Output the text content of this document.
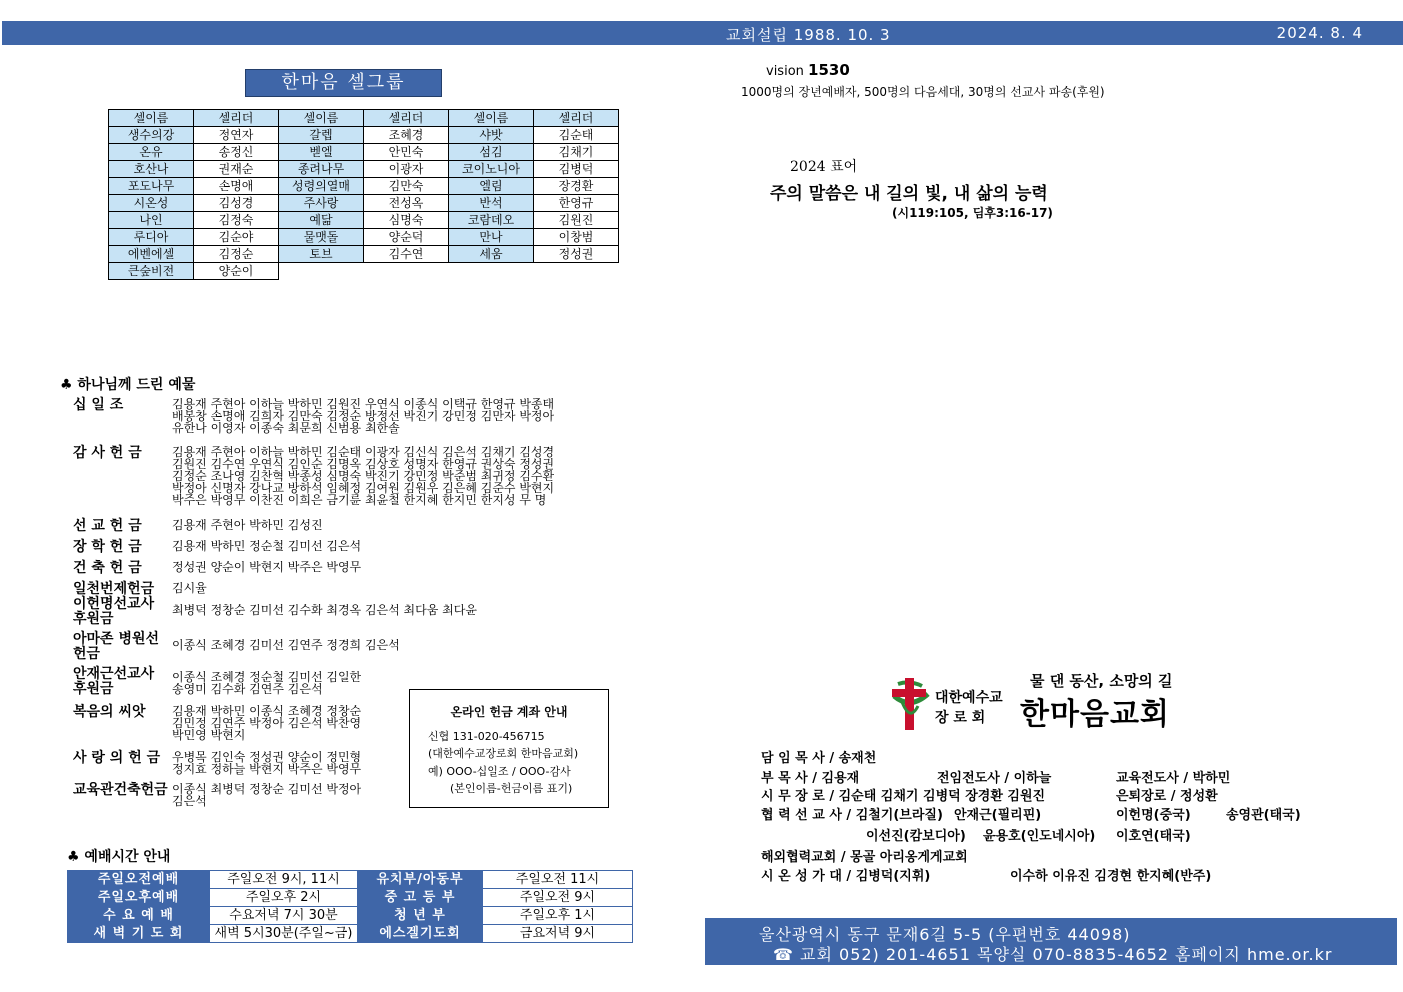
교회설립 1988. 10. 3	2024. 8. 4
한마음 셀그룹
셀이름	셀리더	셀이름	셀리더	셀이름	셀리더
생수의강	정연자	갈렙	조혜경	샤밧	김순태
온유	송정신	벧엘	안민숙	섬김	김채기
호산나	권재순	종려나무	이광자	코이노니아	김병덕
포도나무	손명애	성령의열매	김만숙	엘림	장경환
시온성	김성경	주사랑	전성옥	반석	한영규
나인	김정숙	예닮	심명숙	코람데오	김원진
루디아	김순야	물맷돌	양순덕	만나	이창범
에벤에셀	김정순	토브	김수연	세움	정성권
큰숲비전	양순이				
♣ 하나님께 드린 예물
십 일 조	김용재 주현아 이하늘 박하민 김원진 우연식 이종식 이택규 한영규 박종태
배봉창 손명애 김희자 김만숙 김정순 방정선 박진기 강민정 김만자 박정아
유한나 이영자 이종숙 최문희 신범용 최한솔
감 사 헌 금	김용재 주현아 이하늘 박하민 김순태 이광자 김신식 김은석 김채기 김성경
김원진 김수연 우연식 김인순 김명옥 김상호 성명자 한영규 권상숙 정성권
김정순 조나영 김찬혁 박종성 심명숙 박진기 강민정 박준범 최귀정 김수환
박정아 신명자 강나교 방하석 임혜정 김여원 김원우 김은혜 김준수 박현지
박주은 박영무 이찬진 이희은 금기륜 최윤철 한지혜 한지민 한지성 무 명
선 교 헌 금	김용재 주현아 박하민 김성진
장 학 헌 금	김용재 박하민 정순철 김미선 김은석
건 축 헌 금	정성권 양순이 박현지 박주은 박영무
일천번제헌금	김시율
이헌명선교사 후원금
최병덕 정창순 김미선 김수화 최경옥 김은석 최다움 최다윤
아마존 병원선헌금
이종식 조혜경 김미선 김연주 정경희 김은석
안재근선교사 후원금
이종식 조혜경 정순철 김미선 김일한
송영미 김수화 김연주 김은석
복음의 씨앗	김용재 박하민 이종식 조혜경 정창순
김민정 김연주 박정아 김은석 박찬영
박민영 박현지
사 랑 의 헌 금 우병목 김인숙 정성권 양순이 정민형
정지효 정하늘 박현지 박주은 박영무
교육관건축헌금 이종식 최병덕 정창순 김미선 박정아
김은석
온라인 헌금 계좌 안내
신협 131-020-456715
(대한예수교장로회 한마음교회)
예) OOO-십일조 / OOO-감사
(본인이름-헌금이름 표기)
♣ 예배시간 안내
주일오전예배	주일오전 9시, 11시	유치부/아동부	주일오전 11시
주일오후예배	주일오후 2시	중 고 등 부	주일오전 9시
수 요 예 배	수요저녁 7시 30분	청 년 부	주일오후 1시
새 벽 기 도 회	새벽 5시30분(주일~금)	에스겔기도회	금요저녁 9시
vision 1530
1000명의 장년예배자, 500명의 다음세대, 30명의 선교사 파송(후원)
2024 표어
주의 말씀은 내 길의 빛, 내 삶의 능력
(시119:105, 딤후3:16-17)
대한예수교
장 로 회
물 댄 동산, 소망의 길
한마음교회
담 임 목 사 / 송재천
부 목 사 / 김용재	전임전도사 / 이하늘	교육전도사 / 박하민
시 무 장 로 / 김순태 김채기 김병덕 장경환 김원진	은퇴장로 / 정성환
협 력 선 교 사 / 김철기(브라질) 안재근(필리핀)	이헌명(중국)	송영관(태국)
이선진(캄보디아) 윤용호(인도네시아) 이호연(태국)
해외협력교회 / 몽골 아리옹게게교회
시 온 성 가 대 / 김병덕(지휘)	이수하 이유진 김경현 한지혜(반주)
울산광역시 동구 문재6길 5-5 (우편번호 44098)
☎ 교회 052) 201-4651 목양실 070-8835-4652 홈페이지 hme.or.kr
